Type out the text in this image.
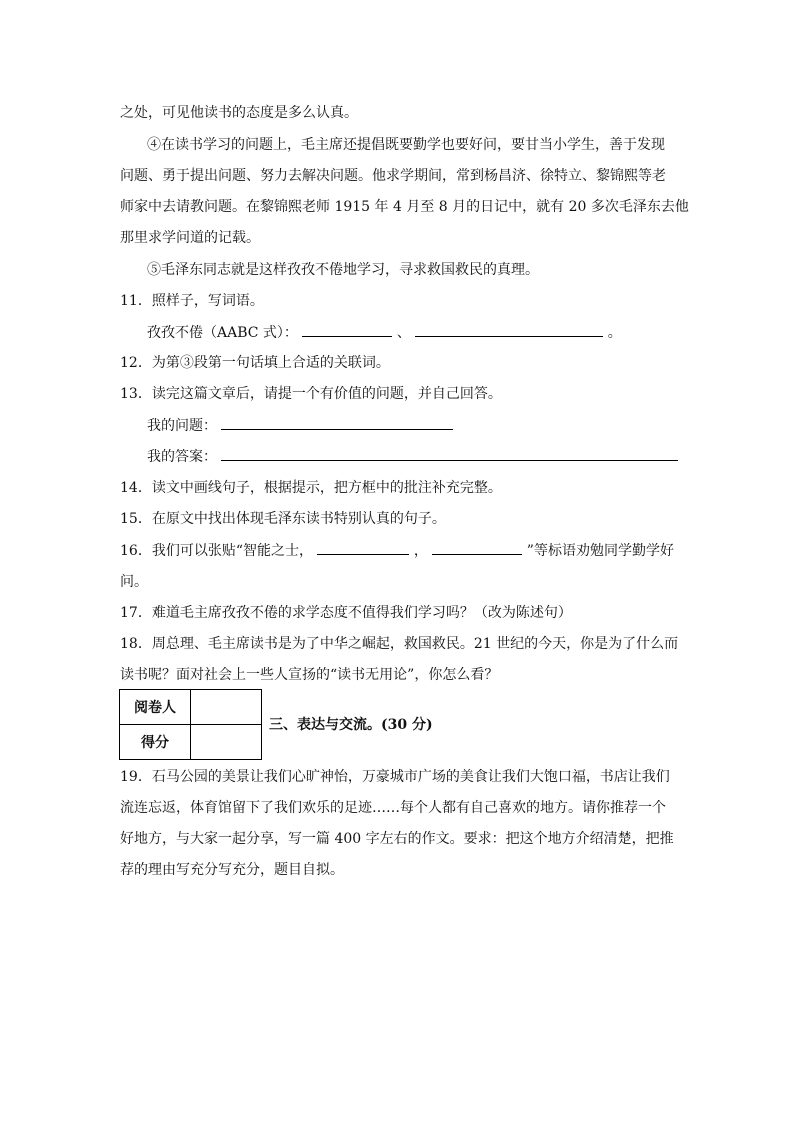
之处，可见他读书的态度是多么认真。
④在读书学习的问题上，毛主席还提倡既要勤学也要好问，要甘当小学生，善于发现
问题、勇于提出问题、努力去解决问题。他求学期间，常到杨昌济、徐特立、黎锦熙等老
师家中去请教问题。在黎锦熙老师 1915 年 4 月至 8 月的日记中，就有 20 多次毛泽东去他
那里求学问道的记载。
⑤毛泽东同志就是这样孜孜不倦地学习，寻求救国救民的真理。
11．照样子，写词语。
孜孜不倦（AABC 式）：	、	。
12．为第③段第一句话填上合适的关联词。
13．读完这篇文章后，请提一个有价值的问题，并自己回答。
我的问题：
我的答案：
14．读文中画线句子，根据提示，把方框中的批注补充完整。
15．在原文中找出体现毛泽东读书特别认真的句子。
16．我们可以张贴“智能之士，	，	”等标语劝勉同学勤学好
问。
17．难道毛主席孜孜不倦的求学态度不值得我们学习吗？（改为陈述句）
18．周总理、毛主席读书是为了中华之崛起，救国救民。21 世纪的今天，你是为了什么而
读书呢？面对社会上一些人宣扬的“读书无用论”，你怎么看？
阅卷人	
得分	
三、表达与交流。(30 分)
19．石马公园的美景让我们心旷神怡，万豪城市广场的美食让我们大饱口福，书店让我们
流连忘返，体育馆留下了我们欢乐的足迹……每个人都有自己喜欢的地方。请你推荐一个
好地方，与大家一起分享，写一篇 400 字左右的作文。要求：把这个地方介绍清楚，把推
荐的理由写充分写充分，题目自拟。
